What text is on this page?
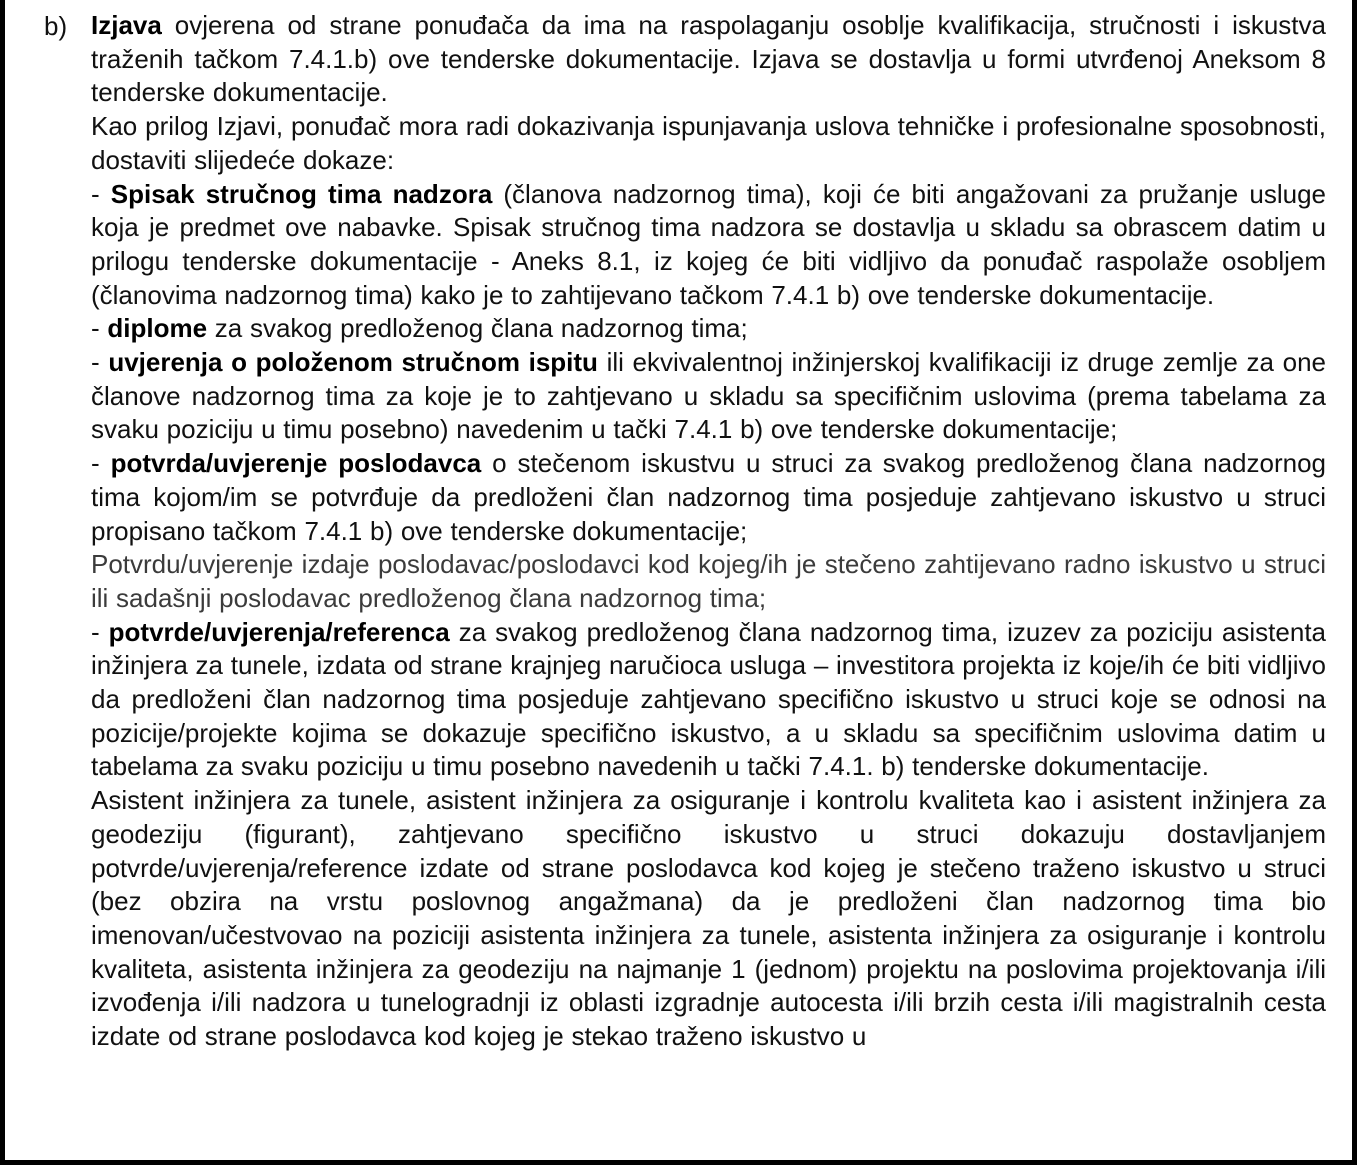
b) Izjava ovjerena od strane ponuđača da ima na raspolaganju osoblje kvalifikacija, stručnosti i iskustva traženih tačkom 7.4.1.b) ove tenderske dokumentacije. Izjava se dostavlja u formi utvrđenoj Aneksom 8 tenderske dokumentacije.

Kao prilog Izjavi, ponuđač mora radi dokazivanja ispunjavanja uslova tehničke i profesionalne sposobnosti, dostaviti slijedeće dokaze:

- Spisak stručnog tima nadzora (članova nadzornog tima), koji će biti angažovani za pružanje usluge koja je predmet ove nabavke. Spisak stručnog tima nadzora se dostavlja u skladu sa obrascem datim u prilogu tenderske dokumentacije - Aneks 8.1, iz kojeg će biti vidljivo da ponuđač raspolaže osobljem (članovima nadzornog tima) kako je to zahtijevano tačkom 7.4.1 b) ove tenderske dokumentacije.

- diplome za svakog predloženog člana nadzornog tima;

- uvjerenja o položenom stručnom ispitu ili ekvivalentnoj inžinjerskoj kvalifikaciji iz druge zemlje za one članove nadzornog tima za koje je to zahtjevano u skladu sa specifičnim uslovima (prema tabelama za svaku poziciju u timu posebno) navedenim u tački 7.4.1 b) ove tenderske dokumentacije;

- potvrda/uvjerenje poslodavca o stečenom iskustvu u struci za svakog predloženog člana nadzornog tima kojom/im se potvrđuje da predloženi član nadzornog tima posjeduje zahtjevano iskustvo u struci propisano tačkom 7.4.1 b) ove tenderske dokumentacije;

Potvrdu/uvjerenje izdaje poslodavac/poslodavci kod kojeg/ih je stečeno zahtijevano radno iskustvo u struci ili sadašnji poslodavac predloženog člana nadzornog tima;

- potvrde/uvjerenja/referenca za svakog predloženog člana nadzornog tima, izuzev za poziciju asistenta inžinjera za tunele, izdata od strane krajnjeg naručioca usluga – investitora projekta iz koje/ih će biti vidljivo da predloženi član nadzornog tima posjeduje zahtjevano specifično iskustvo u struci koje se odnosi na pozicije/projekte kojima se dokazuje specifično iskustvo, a u skladu sa specifičnim uslovima datim u tabelama za svaku poziciju u timu posebno navedenih u tački 7.4.1. b) tenderske dokumentacije.

Asistent inžinjera za tunele, asistent inžinjera za osiguranje i kontrolu kvaliteta kao i asistent inžinjera za geodeziju (figurant), zahtjevano specifično iskustvo u struci dokazuju dostavljanjem potvrde/uvjerenja/reference izdate od strane poslodavca kod kojeg je stečeno traženo iskustvo u struci (bez obzira na vrstu poslovnog angažmana) da je predloženi član nadzornog tima bio imenovan/učestvovao na poziciji asistenta inžinjera za tunele, asistenta inžinjera za osiguranje i kontrolu kvaliteta, asistenta inžinjera za geodeziju na najmanje 1 (jednom) projektu na poslovima projektovanja i/ili izvođenja i/ili nadzora u tunelogradnji iz oblasti izgradnje autocesta i/ili brzih cesta i/ili magistralnih cesta izdate od strane poslodavca kod kojeg je stekao traženo iskustvo u
